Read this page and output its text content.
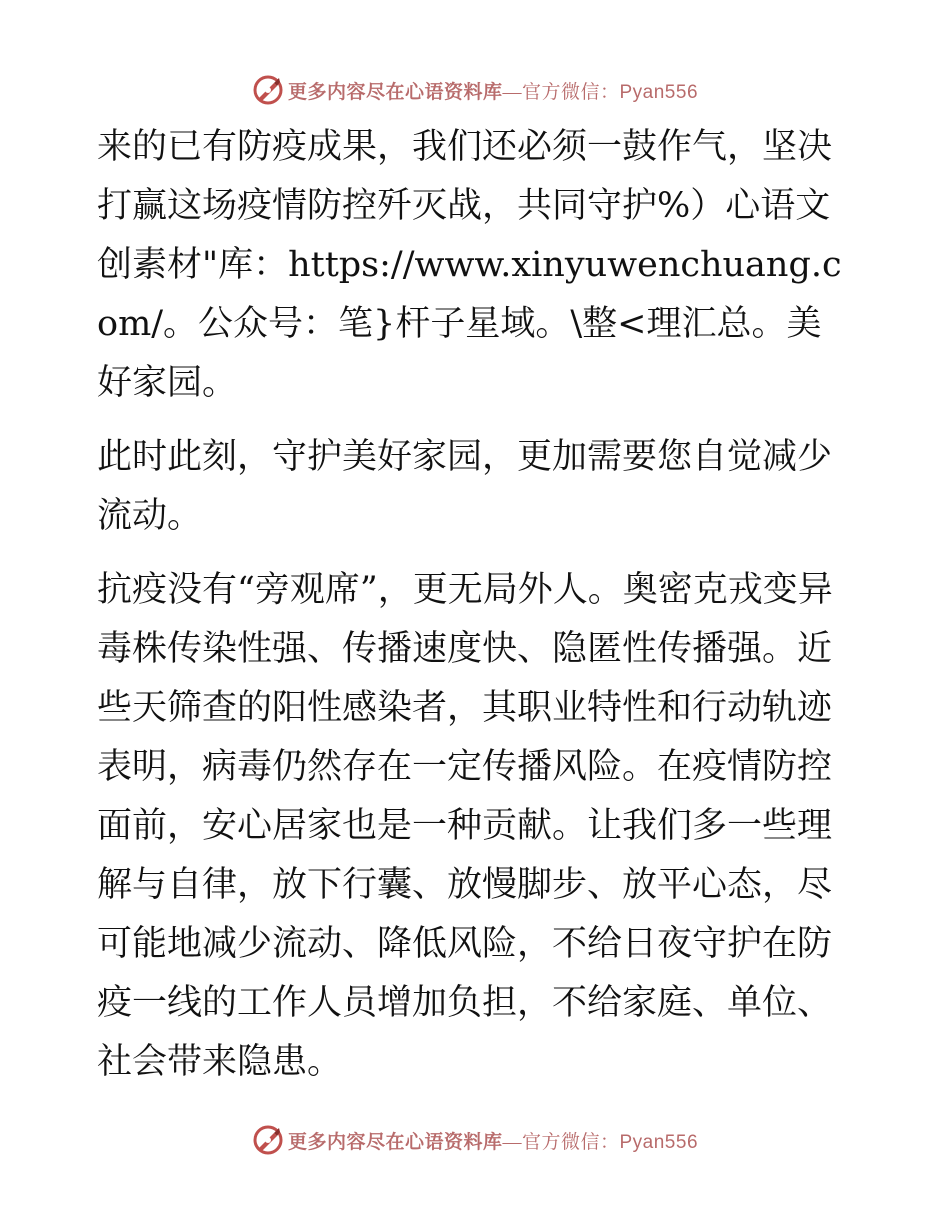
更多内容尽在心语资料库—官方微信：Pyan556

来的已有防疫成果，我们还必须一鼓作气，坚决打赢这场疫情防控歼灭战，共同守护%）心语文创素材"库：https://www.xinyuwenchuang.com/。公众号：笔}杆子星域。\整<理汇总。美好家园。

此时此刻，守护美好家园，更加需要您自觉减少流动。

抗疫没有“旁观席”，更无局外人。奥密克戎变异毒株传染性强、传播速度快、隐匿性传播强。近些天筛查的阳性感染者，其职业特性和行动轨迹表明，病毒仍然存在一定传播风险。在疫情防控面前，安心居家也是一种贡献。让我们多一些理解与自律，放下行囊、放慢脚步、放平心态，尽可能地减少流动、降低风险，不给日夜守护在防疫一线的工作人员增加负担，不给家庭、单位、社会带来隐患。

更多内容尽在心语资料库—官方微信：Pyan556
